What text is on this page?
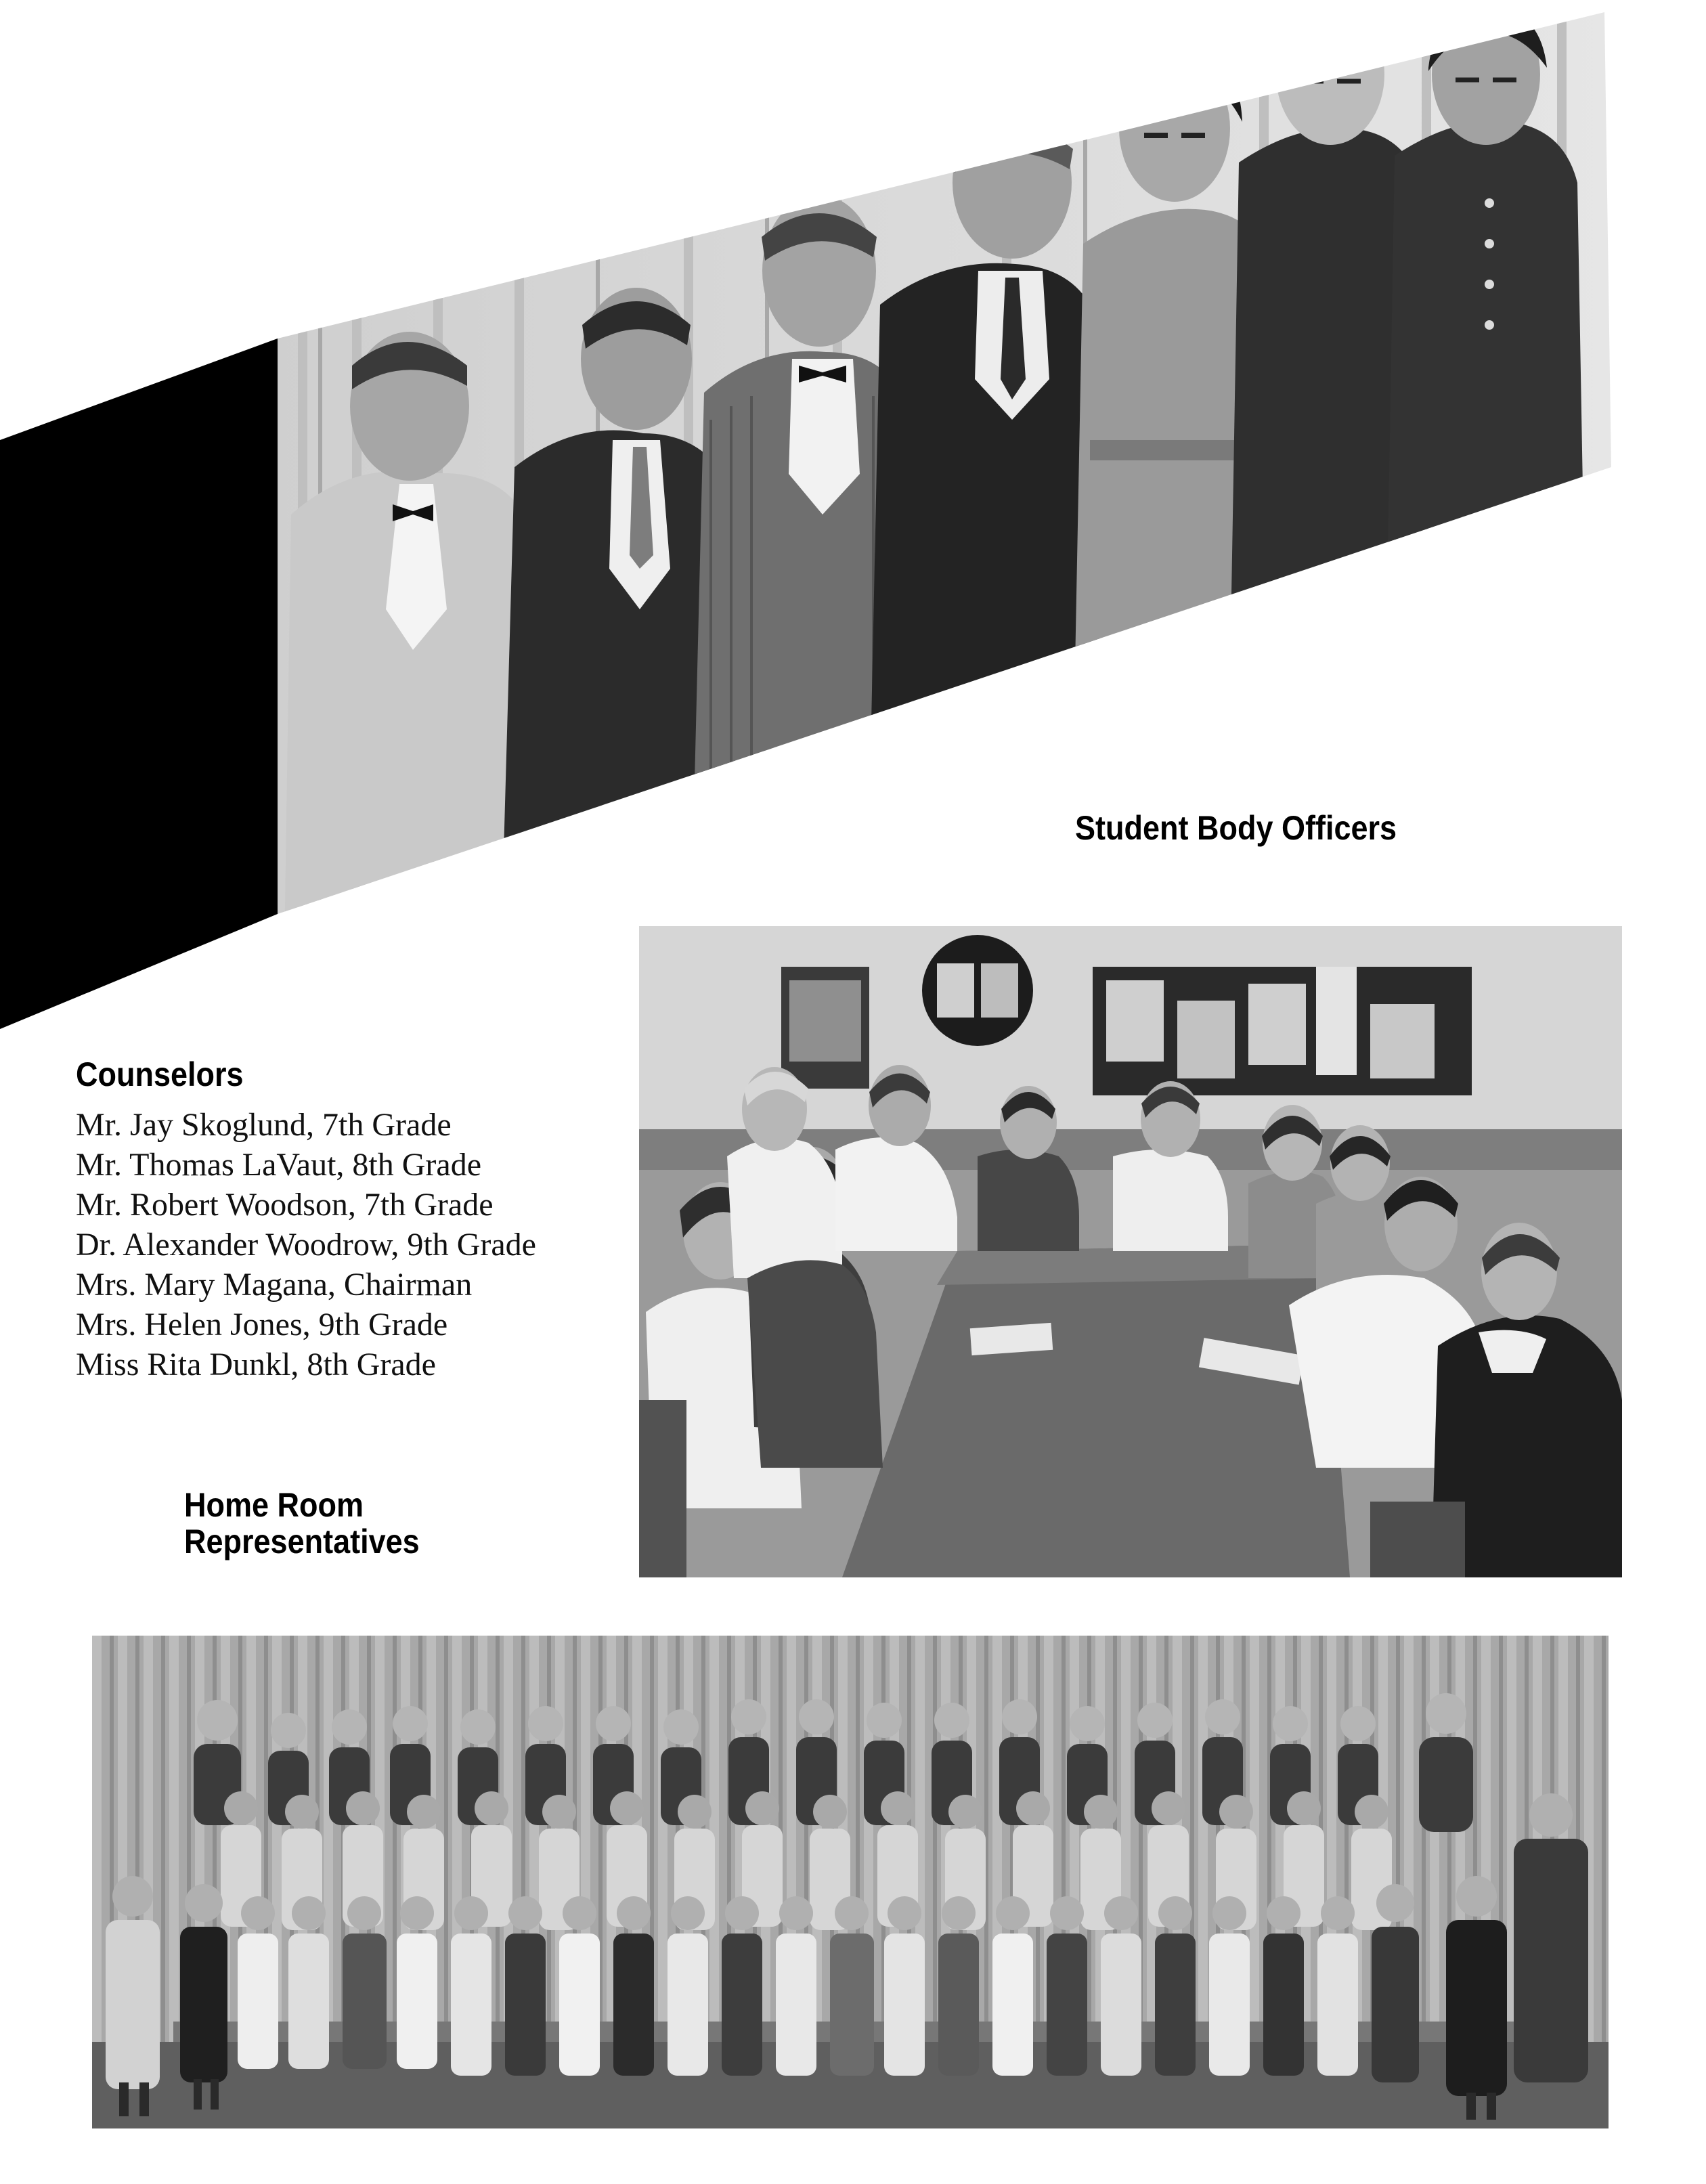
Student Body Officers
Counselors
Mr. Jay Skoglund, 7th Grade
Mr. Thomas LaVaut, 8th Grade
Mr. Robert Woodson, 7th Grade
Dr. Alexander Woodrow, 9th Grade
Mrs. Mary Magana, Chairman
Mrs. Helen Jones, 9th Grade
Miss Rita Dunkl, 8th Grade
Home Room
Representatives
